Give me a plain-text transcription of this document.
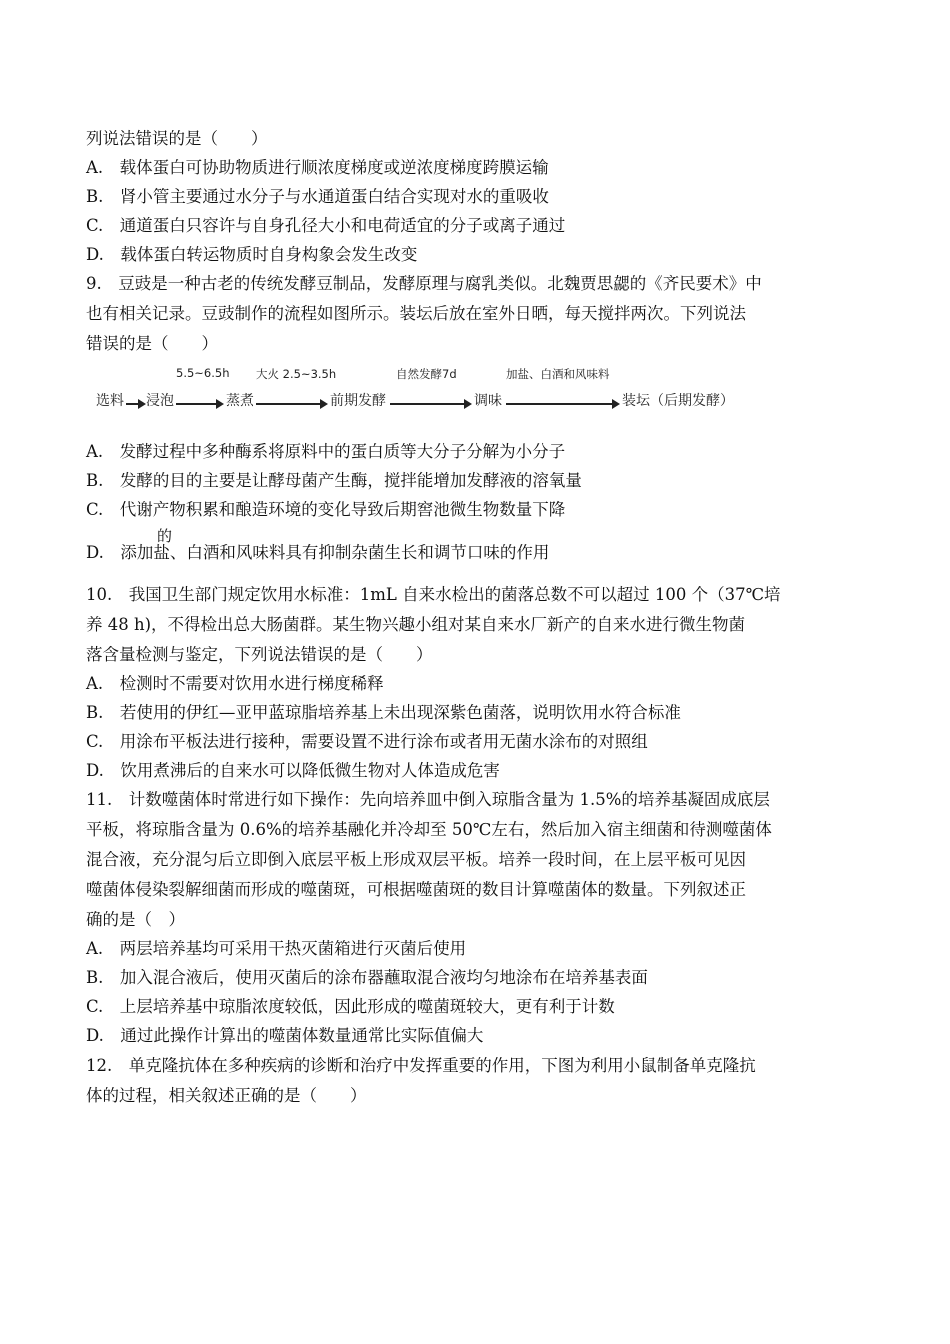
列说法错误的是（　　）
A.　载体蛋白可协助物质进行顺浓度梯度或逆浓度梯度跨膜运输
B.　肾小管主要通过水分子与水通道蛋白结合实现对水的重吸收
C.　通道蛋白只容许与自身孔径大小和电荷适宜的分子或离子通过
D.　载体蛋白转运物质时自身构象会发生改变
9.　豆豉是一种古老的传统发酵豆制品，发酵原理与腐乳类似。北魏贾思勰的《齐民要术》中
也有相关记录。豆豉制作的流程如图所示。装坛后放在室外日晒，每天搅拌两次。下列说法
错误的是（　　）
选料 浸泡
5.5~6.5h
蒸煮
大火 2.5~3.5h
前期发酵
自然发酵7d
调味
加盐、白酒和风味料
装坛（后期发酵）
A.　发酵过程中多种酶系将原料中的蛋白质等大分子分解为小分子
B.　发酵的目的主要是让酵母菌产生酶，搅拌能增加发酵液的溶氧量
C.　代谢产物积累和酿造环境的变化导致后期窖池微生物数量下降
的
D.　添加盐、白酒和风味料具有抑制杂菌生长和调节口味的作用
10.　我国卫生部门规定饮用水标准：1mL 自来水检出的菌落总数不可以超过 100 个（37℃培
养 48 h)，不得检出总大肠菌群。某生物兴趣小组对某自来水厂新产的自来水进行微生物菌
落含量检测与鉴定，下列说法错误的是（　　）
A.　检测时不需要对饮用水进行梯度稀释
B.　若使用的伊红—亚甲蓝琼脂培养基上未出现深紫色菌落，说明饮用水符合标准
C.　用涂布平板法进行接种，需要设置不进行涂布或者用无菌水涂布的对照组
D.　饮用煮沸后的自来水可以降低微生物对人体造成危害
11.　计数噬菌体时常进行如下操作：先向培养皿中倒入琼脂含量为 1.5%的培养基凝固成底层
平板，将琼脂含量为 0.6%的培养基融化并冷却至 50℃左右，然后加入宿主细菌和待测噬菌体
混合液，充分混匀后立即倒入底层平板上形成双层平板。培养一段时间，在上层平板可见因
噬菌体侵染裂解细菌而形成的噬菌斑，可根据噬菌斑的数目计算噬菌体的数量。下列叙述正
确的是（　）
A.　两层培养基均可采用干热灭菌箱进行灭菌后使用
B.　加入混合液后，使用灭菌后的涂布器蘸取混合液均匀地涂布在培养基表面
C.　上层培养基中琼脂浓度较低，因此形成的噬菌斑较大，更有利于计数
D.　通过此操作计算出的噬菌体数量通常比实际值偏大
12.　单克隆抗体在多种疾病的诊断和治疗中发挥重要的作用，下图为利用小鼠制备单克隆抗
体的过程，相关叙述正确的是（　　）
